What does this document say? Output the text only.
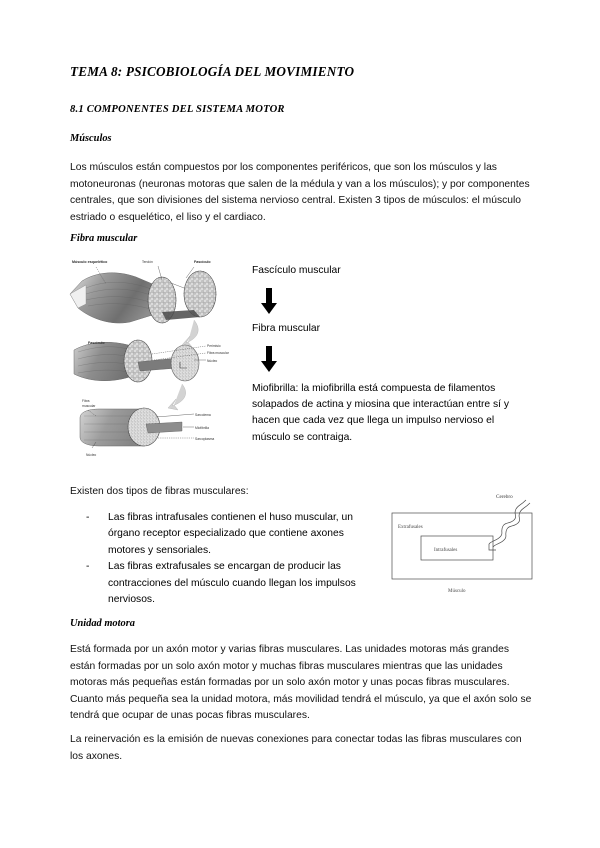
TEMA 8: PSICOBIOLOGÍA DEL MOVIMIENTO
8.1 COMPONENTES DEL SISTEMA MOTOR
Músculos
Los músculos están compuestos por los componentes periféricos, que son los músculos y las motoneuronas (neuronas motoras que salen de la médula y van a los músculos); y por componentes centrales, que son divisiones del sistema nervioso central. Existen 3 tipos de músculos: el músculo estriado o esquelético, el liso y el cardiaco.
Fibra muscular
Músculo esquelético	Tendón	Fascículo
Perimisio
Fibra muscular
Núcleo
Fascículo
Fibra
muscular
Núcleo
Sarcolema
Miofibrilla
Sarcoplasma
Fascículo muscular
Fibra muscular
Miofibrilla: la miofibrilla está compuesta de filamentos solapados de actina y miosina que interactúan entre sí y hacen que cada vez que llega un impulso nervioso el músculo se contraiga.
Existen dos tipos de fibras musculares:
-	Las fibras intrafusales contienen el huso muscular, un órgano receptor especializado que contiene axones motores y sensoriales.
-	Las fibras extrafusales se encargan de producir las contracciones del músculo cuando llegan los impulsos nerviosos.
Cerebro
Extrafusales
Intrafusales
Músculo
Unidad motora
Está formada por un axón motor y varias fibras musculares. Las unidades motoras más grandes están formadas por un solo axón motor y muchas fibras musculares mientras que las unidades motoras más pequeñas están formadas por un solo axón motor y unas pocas fibras musculares. Cuanto más pequeña sea la unidad motora, más movilidad tendrá el músculo, ya que el axón solo se tendrá que ocupar de unas pocas fibras musculares.
La reinervación es la emisión de nuevas conexiones para conectar todas las fibras musculares con los axones.
